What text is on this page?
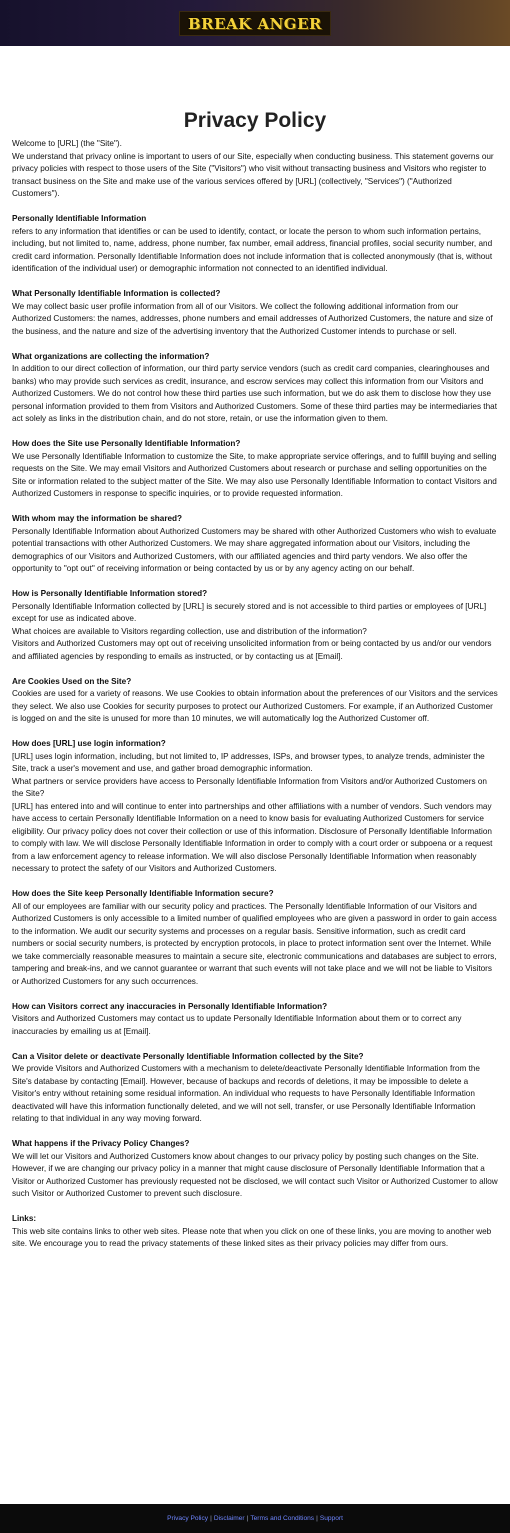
BREAK ANGER
Privacy Policy

Welcome to [URL] (the "Site").

We understand that privacy online is important to users of our Site, especially when conducting business. This statement governs our privacy policies with respect to those users of the Site ("Visitors") who visit without transacting business and Visitors who register to transact business on the Site and make use of the various services offered by [URL] (collectively, "Services") ("Authorized Customers").

Personally Identifiable Information

refers to any information that identifies or can be used to identify, contact, or locate the person to whom such information pertains, including, but not limited to, name, address, phone number, fax number, email address, financial profiles, social security number, and credit card information. Personally Identifiable Information does not include information that is collected anonymously (that is, without identification of the individual user) or demographic information not connected to an identified individual.

What Personally Identifiable Information is collected?

We may collect basic user profile information from all of our Visitors. We collect the following additional information from our Authorized Customers: the names, addresses, phone numbers and email addresses of Authorized Customers, the nature and size of the business, and the nature and size of the advertising inventory that the Authorized Customer intends to purchase or sell.

What organizations are collecting the information?

In addition to our direct collection of information, our third party service vendors (such as credit card companies, clearinghouses and banks) who may provide such services as credit, insurance, and escrow services may collect this information from our Visitors and Authorized Customers. We do not control how these third parties use such information, but we do ask them to disclose how they use personal information provided to them from Visitors and Authorized Customers. Some of these third parties may be intermediaries that act solely as links in the distribution chain, and do not store, retain, or use the information given to them.

How does the Site use Personally Identifiable Information?

We use Personally Identifiable Information to customize the Site, to make appropriate service offerings, and to fulfill buying and selling requests on the Site. We may email Visitors and Authorized Customers about research or purchase and selling opportunities on the Site or information related to the subject matter of the Site. We may also use Personally Identifiable Information to contact Visitors and Authorized Customers in response to specific inquiries, or to provide requested information.

With whom may the information be shared?

Personally Identifiable Information about Authorized Customers may be shared with other Authorized Customers who wish to evaluate potential transactions with other Authorized Customers. We may share aggregated information about our Visitors, including the demographics of our Visitors and Authorized Customers, with our affiliated agencies and third party vendors. We also offer the opportunity to "opt out" of receiving information or being contacted by us or by any agency acting on our behalf.

How is Personally Identifiable Information stored?

Personally Identifiable Information collected by [URL] is securely stored and is not accessible to third parties or employees of [URL] except for use as indicated above.

What choices are available to Visitors regarding collection, use and distribution of the information?

Visitors and Authorized Customers may opt out of receiving unsolicited information from or being contacted by us and/or our vendors and affiliated agencies by responding to emails as instructed, or by contacting us at [Email].

Are Cookies Used on the Site?

Cookies are used for a variety of reasons. We use Cookies to obtain information about the preferences of our Visitors and the services they select. We also use Cookies for security purposes to protect our Authorized Customers. For example, if an Authorized Customer is logged on and the site is unused for more than 10 minutes, we will automatically log the Authorized Customer off.

How does [URL] use login information?

[URL] uses login information, including, but not limited to, IP addresses, ISPs, and browser types, to analyze trends, administer the Site, track a user's movement and use, and gather broad demographic information.

What partners or service providers have access to Personally Identifiable Information from Visitors and/or Authorized Customers on the Site?

[URL] has entered into and will continue to enter into partnerships and other affiliations with a number of vendors. Such vendors may have access to certain Personally Identifiable Information on a need to know basis for evaluating Authorized Customers for service eligibility. Our privacy policy does not cover their collection or use of this information. Disclosure of Personally Identifiable Information to comply with law. We will disclose Personally Identifiable Information in order to comply with a court order or subpoena or a request from a law enforcement agency to release information. We will also disclose Personally Identifiable Information when reasonably necessary to protect the safety of our Visitors and Authorized Customers.

How does the Site keep Personally Identifiable Information secure?

All of our employees are familiar with our security policy and practices. The Personally Identifiable Information of our Visitors and Authorized Customers is only accessible to a limited number of qualified employees who are given a password in order to gain access to the information. We audit our security systems and processes on a regular basis. Sensitive information, such as credit card numbers or social security numbers, is protected by encryption protocols, in place to protect information sent over the Internet. While we take commercially reasonable measures to maintain a secure site, electronic communications and databases are subject to errors, tampering and break-ins, and we cannot guarantee or warrant that such events will not take place and we will not be liable to Visitors or Authorized Customers for any such occurrences.

How can Visitors correct any inaccuracies in Personally Identifiable Information?

Visitors and Authorized Customers may contact us to update Personally Identifiable Information about them or to correct any inaccuracies by emailing us at [Email].

Can a Visitor delete or deactivate Personally Identifiable Information collected by the Site?

We provide Visitors and Authorized Customers with a mechanism to delete/deactivate Personally Identifiable Information from the Site's database by contacting [Email]. However, because of backups and records of deletions, it may be impossible to delete a Visitor's entry without retaining some residual information. An individual who requests to have Personally Identifiable Information deactivated will have this information functionally deleted, and we will not sell, transfer, or use Personally Identifiable Information relating to that individual in any way moving forward.

What happens if the Privacy Policy Changes?

We will let our Visitors and Authorized Customers know about changes to our privacy policy by posting such changes on the Site. However, if we are changing our privacy policy in a manner that might cause disclosure of Personally Identifiable Information that a Visitor or Authorized Customer has previously requested not be disclosed, we will contact such Visitor or Authorized Customer to allow such Visitor or Authorized Customer to prevent such disclosure.

Links:

This web site contains links to other web sites. Please note that when you click on one of these links, you are moving to another web site. We encourage you to read the privacy statements of these linked sites as their privacy policies may differ from ours.

Privacy Policy | Disclaimer | Terms and Conditions | Support
